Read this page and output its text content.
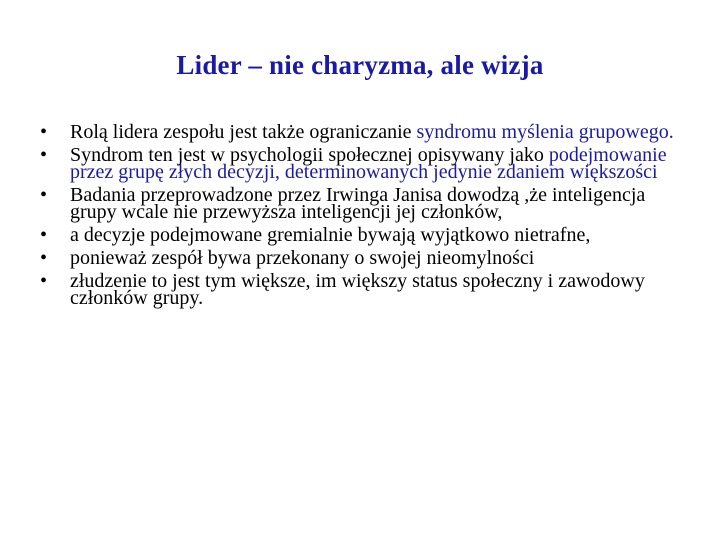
Lider – nie charyzma, ale wizja
• Rolą lidera zespołu jest także ograniczanie syndromu myślenia grupowego.
• Syndrom ten jest w psychologii społecznej opisywany jako podejmowanie przez grupę złych decyzji, determinowanych jedynie zdaniem większości
• Badania przeprowadzone przez Irwinga Janisa dowodzą ,że inteligencja grupy wcale nie przewyższa inteligencji jej członków,
• a decyzje podejmowane gremialnie bywają wyjątkowo nietrafne,
• ponieważ zespół bywa przekonany o swojej nieomylności
• złudzenie to jest tym większe, im większy status społeczny i zawodowy członków grupy.
